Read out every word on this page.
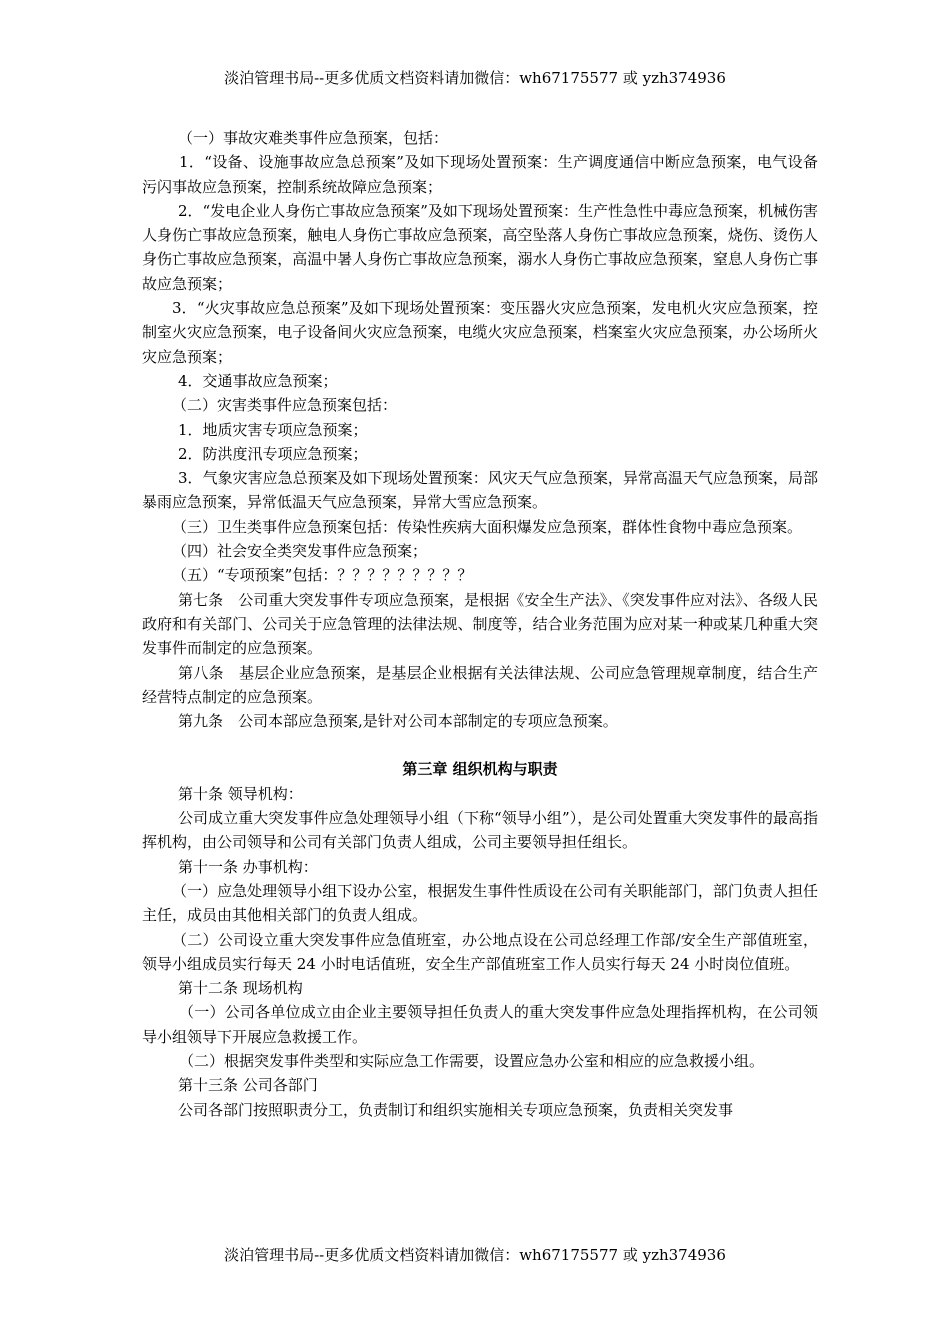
淡泊管理书局--更多优质文档资料请加微信：wh67175577 或 yzh374936

（一）事故灾难类事件应急预案，包括：

1．“设备、设施事故应急总预案”及如下现场处置预案：生产调度通信中断应急预案，电气设备污闪事故应急预案，控制系统故障应急预案；

2．“发电企业人身伤亡事故应急预案”及如下现场处置预案：生产性急性中毒应急预案，机械伤害人身伤亡事故应急预案，触电人身伤亡事故应急预案，高空坠落人身伤亡事故应急预案，烧伤、烫伤人身伤亡事故应急预案，高温中暑人身伤亡事故应急预案，溺水人身伤亡事故应急预案，窒息人身伤亡事故应急预案；

3．“火灾事故应急总预案”及如下现场处置预案：变压器火灾应急预案，发电机火灾应急预案，控制室火灾应急预案，电子设备间火灾应急预案，电缆火灾应急预案，档案室火灾应急预案，办公场所火灾应急预案；

4．交通事故应急预案；

（二）灾害类事件应急预案包括：

1．地质灾害专项应急预案；

2．防洪度汛专项应急预案；

3．气象灾害应急总预案及如下现场处置预案：风灾天气应急预案，异常高温天气应急预案，局部暴雨应急预案，异常低温天气应急预案，异常大雪应急预案。

（三）卫生类事件应急预案包括：传染性疾病大面积爆发应急预案，群体性食物中毒应急预案。

（四）社会安全类突发事件应急预案；

（五）“专项预案”包括：？？？？？？？？？

第七条　公司重大突发事件专项应急预案，是根据《安全生产法》、《突发事件应对法》、各级人民政府和有关部门、公司关于应急管理的法律法规、制度等，结合业务范围为应对某一种或某几种重大突发事件而制定的应急预案。

第八条　基层企业应急预案，是基层企业根据有关法律法规、公司应急管理规章制度，结合生产经营特点制定的应急预案。

第九条　公司本部应急预案,是针对公司本部制定的专项应急预案。

第三章 组织机构与职责

第十条 领导机构：

公司成立重大突发事件应急处理领导小组（下称“领导小组”），是公司处置重大突发事件的最高指挥机构，由公司领导和公司有关部门负责人组成，公司主要领导担任组长。

第十一条 办事机构：

（一）应急处理领导小组下设办公室，根据发生事件性质设在公司有关职能部门，部门负责人担任主任，成员由其他相关部门的负责人组成。

（二）公司设立重大突发事件应急值班室，办公地点设在公司总经理工作部/安全生产部值班室，领导小组成员实行每天 24 小时电话值班，安全生产部值班室工作人员实行每天 24 小时岗位值班。

第十二条 现场机构

（一）公司各单位成立由企业主要领导担任负责人的重大突发事件应急处理指挥机构，在公司领导小组领导下开展应急救援工作。

（二）根据突发事件类型和实际应急工作需要，设置应急办公室和相应的应急救援小组。

第十三条 公司各部门

公司各部门按照职责分工，负责制订和组织实施相关专项应急预案，负责相关突发事

淡泊管理书局--更多优质文档资料请加微信：wh67175577 或 yzh374936
